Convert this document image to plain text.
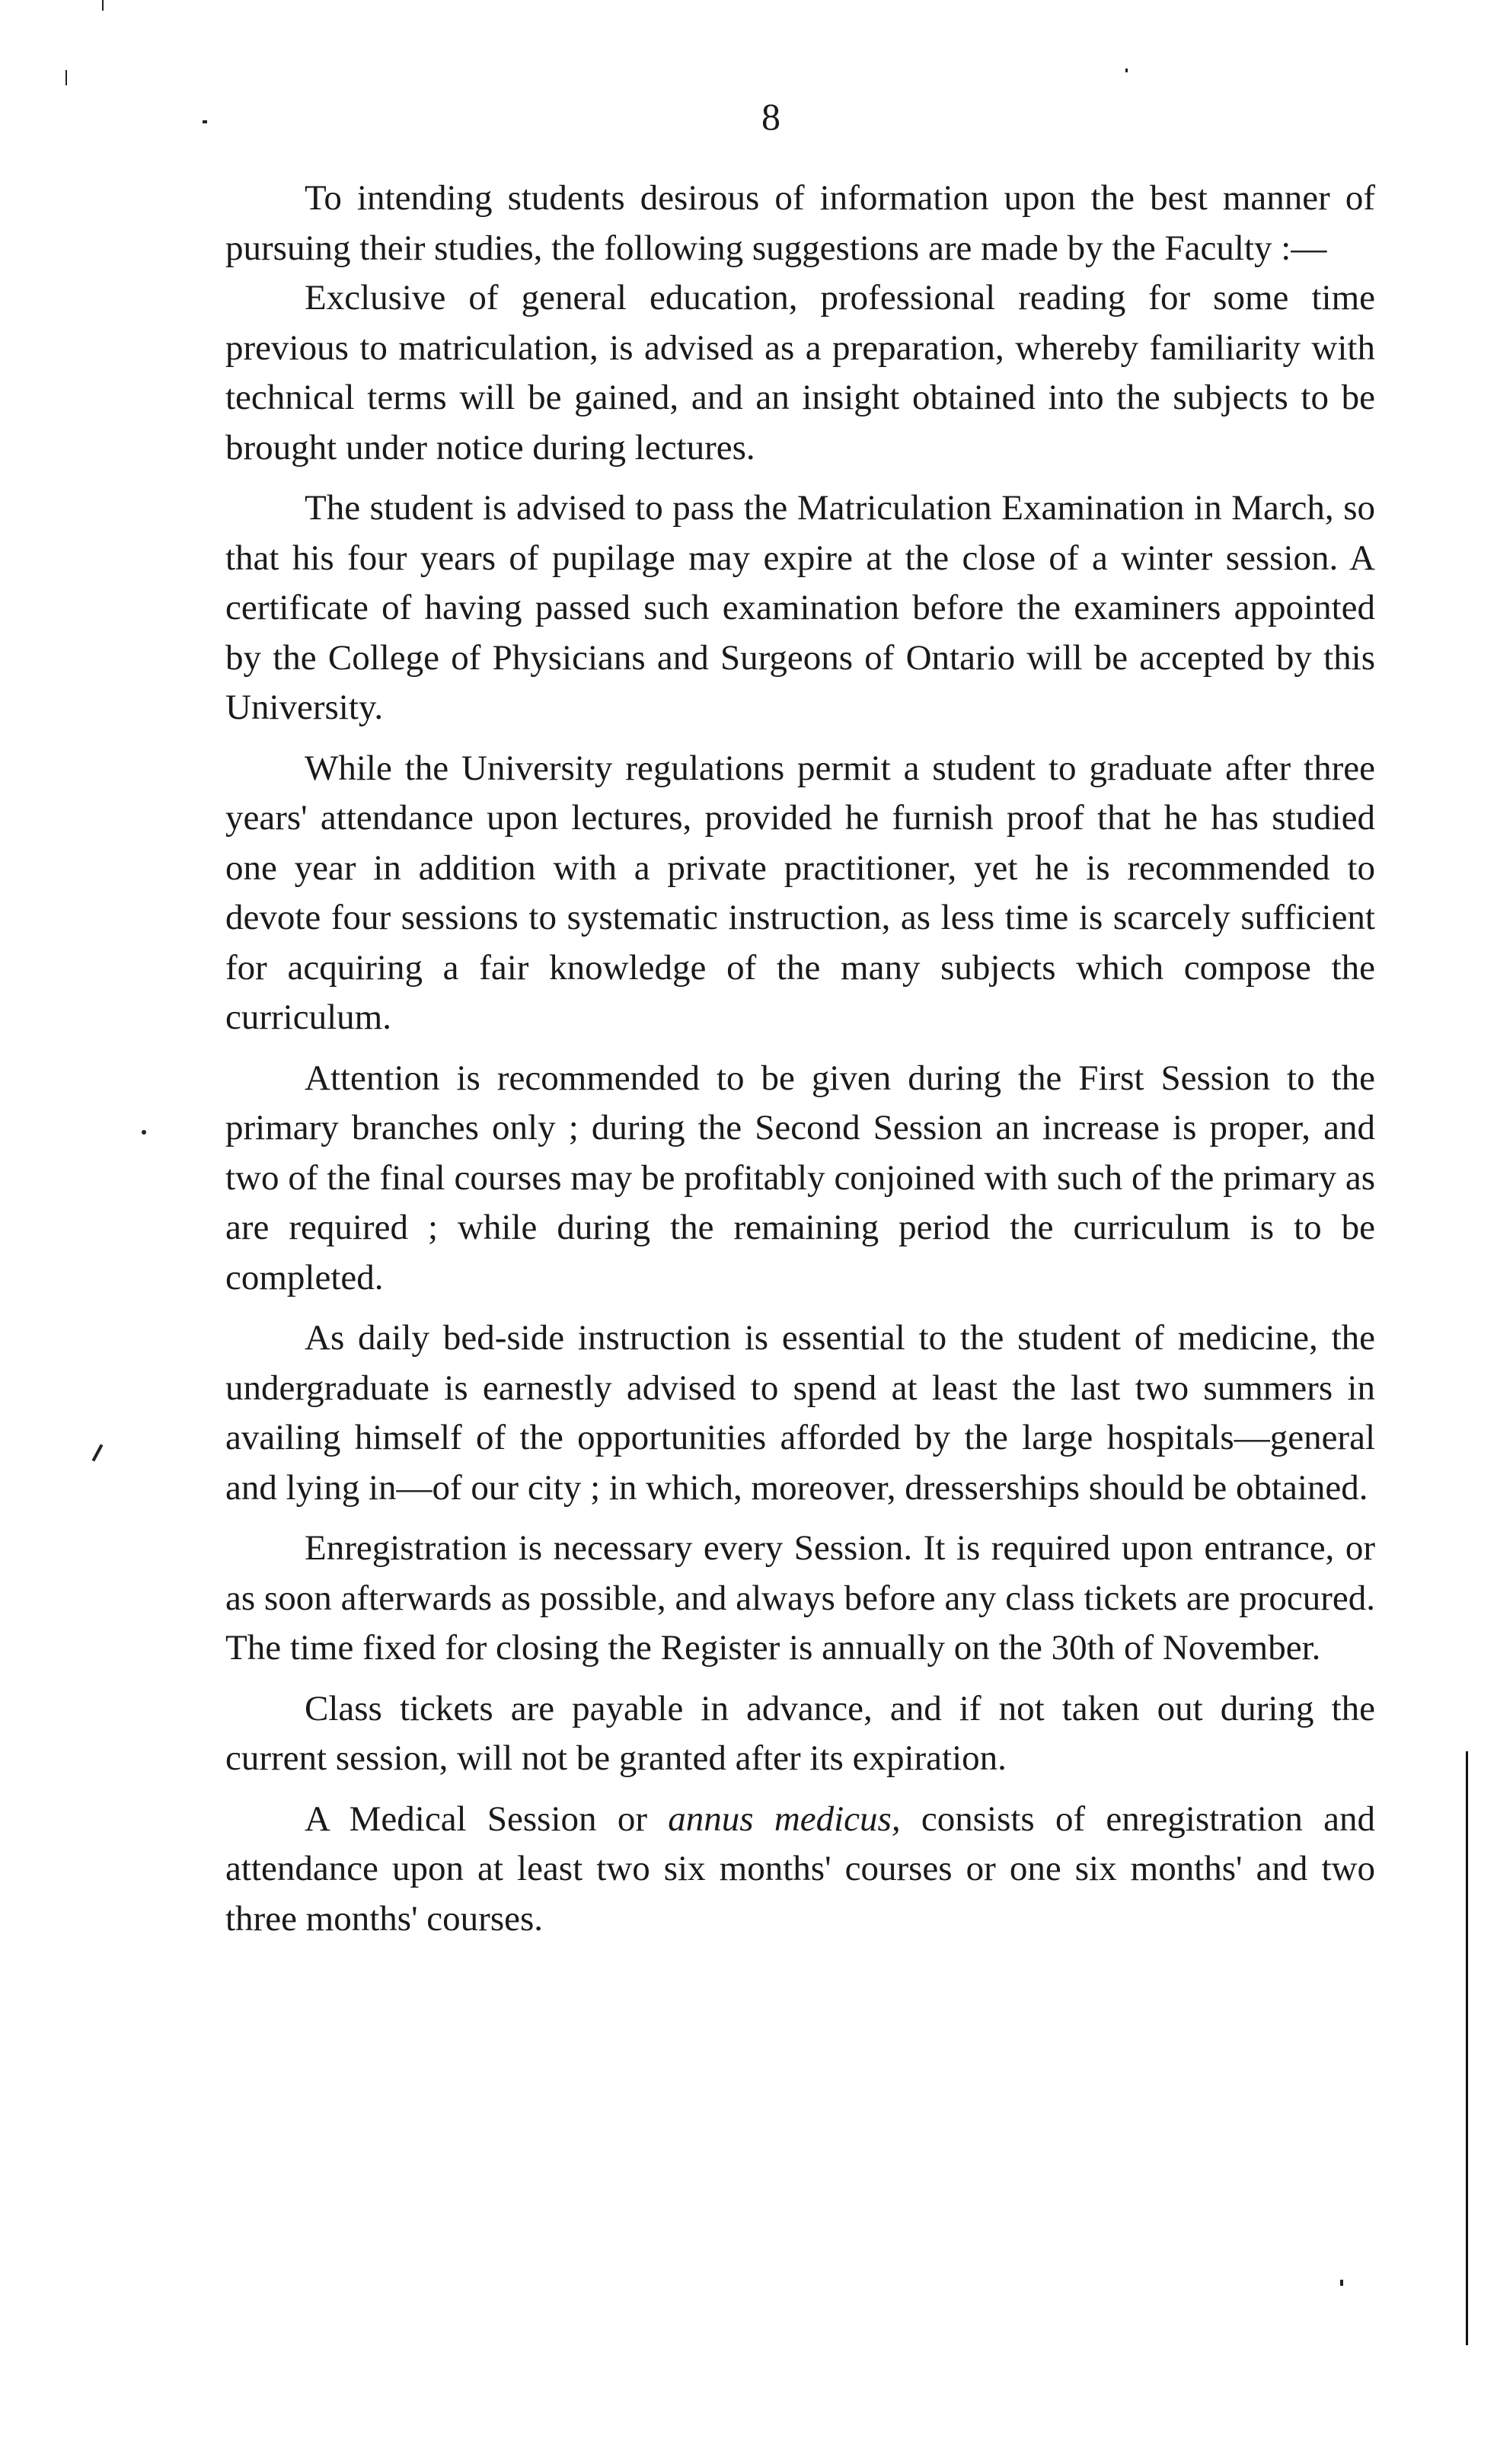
8

To intending students desirous of information upon the best manner of pursuing their studies, the following suggestions are made by the Faculty :—

Exclusive of general education, professional reading for some time previous to matriculation, is advised as a preparation, whereby familiarity with technical terms will be gained, and an insight obtained into the subjects to be brought under notice during lectures.

The student is advised to pass the Matriculation Examination in March, so that his four years of pupilage may expire at the close of a winter session. A certificate of having passed such examination before the examiners appointed by the College of Physicians and Surgeons of Ontario will be accepted by this University.

While the University regulations permit a student to graduate after three years' attendance upon lectures, provided he furnish proof that he has studied one year in addition with a private practitioner, yet he is recommended to devote four sessions to systematic instruction, as less time is scarcely sufficient for acquiring a fair knowledge of the many subjects which compose the curriculum.

Attention is recommended to be given during the First Session to the primary branches only ; during the Second Session an increase is proper, and two of the final courses may be profitably conjoined with such of the primary as are required ; while during the remaining period the curriculum is to be completed.

As daily bed-side instruction is essential to the student of medicine, the undergraduate is earnestly advised to spend at least the last two summers in availing himself of the opportunities afforded by the large hospitals—general and lying in—of our city ; in which, moreover, dresserships should be obtained.

Enregistration is necessary every Session. It is required upon entrance, or as soon afterwards as possible, and always before any class tickets are procured. The time fixed for closing the Register is annually on the 30th of November.

Class tickets are payable in advance, and if not taken out during the current session, will not be granted after its expiration.

A Medical Session or annus medicus, consists of enregistration and attendance upon at least two six months' courses or one six months' and two three months' courses.
